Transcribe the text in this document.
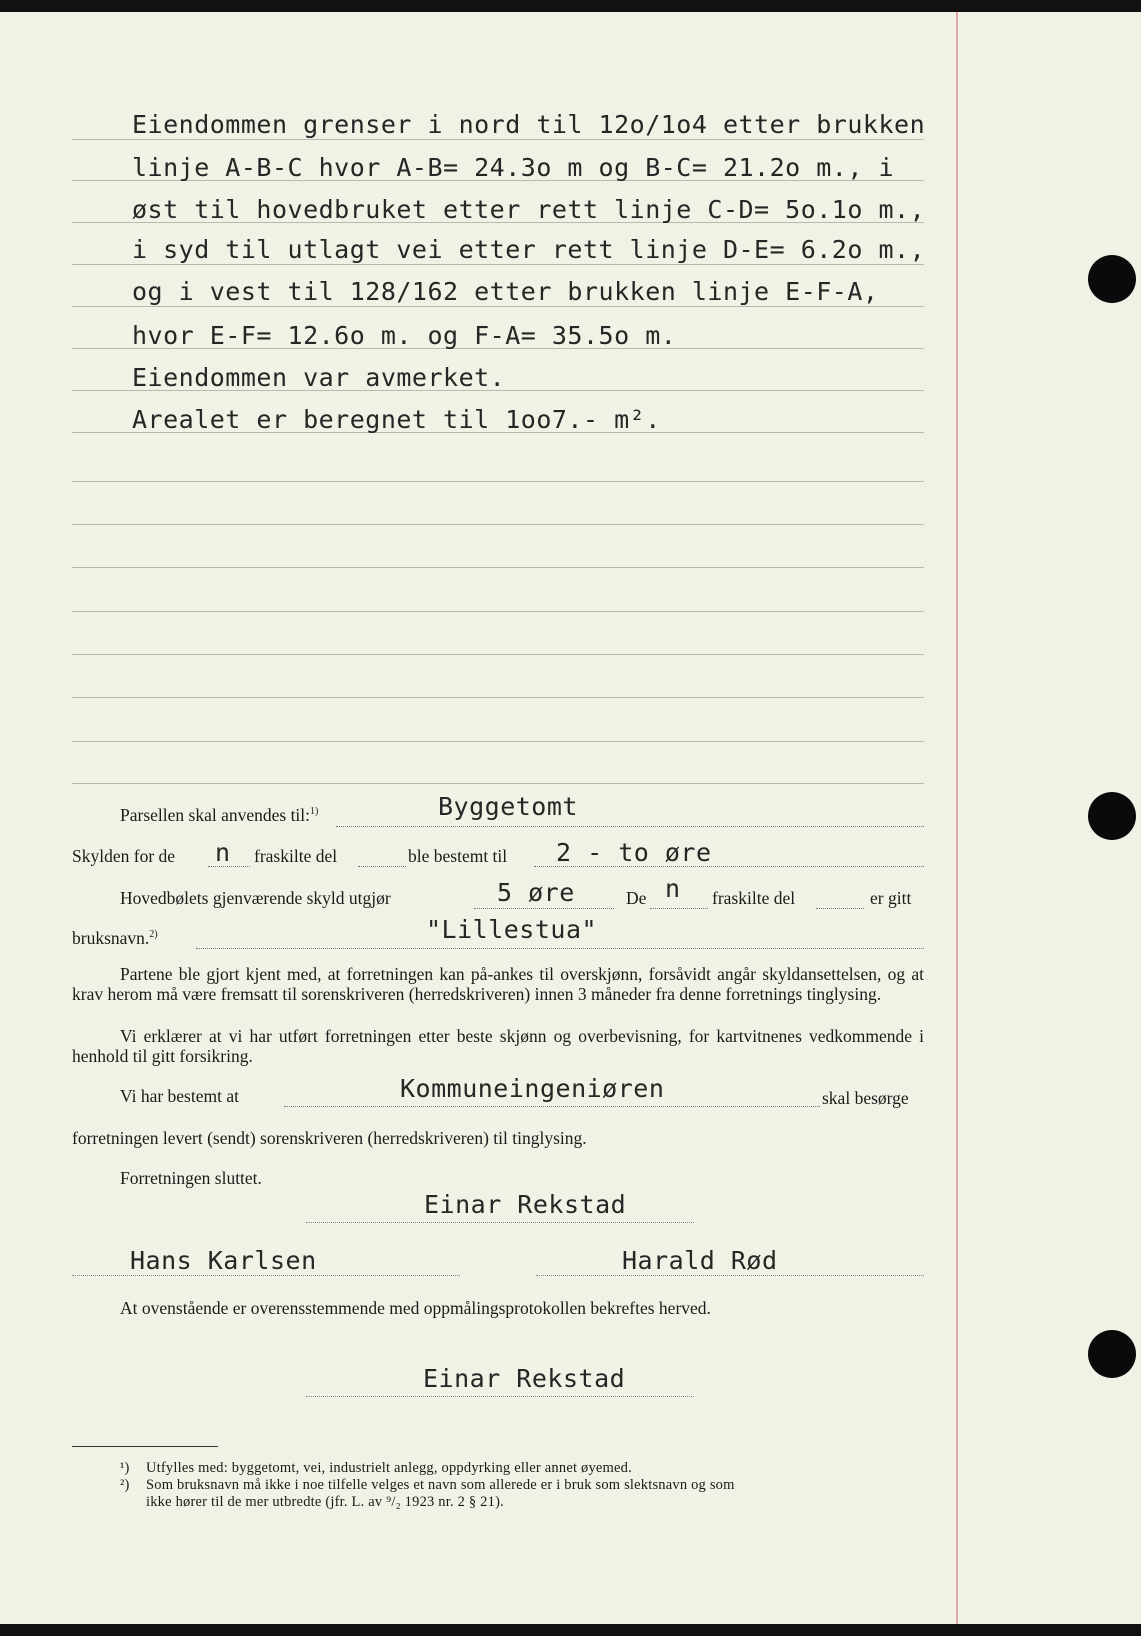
Eiendommen grenser i nord til 12o/1o4 etter brukken
linje A-B-C hvor A-B= 24.3o m og B-C= 21.2o m., i
øst til hovedbruket etter rett linje C-D= 5o.1o m.,
i syd til utlagt vei etter rett linje D-E= 6.2o m.,
og i vest til 128/162 etter brukken linje E-F-A,
hvor E-F= 12.6o m. og F-A= 35.5o m.
Eiendommen var avmerket.
Arealet er beregnet til 1oo7.- m².
Parsellen skal anvendes til:$^{1)}$	Byggetomt
Skylden for de n fraskilte del	ble bestemt til 2 - to øre
Hovedbølets gjenværende skyld utgjør	5 øre	De n fraskilte del	er gitt
bruksnavn.$^{2)}$	"Lillestua"
Partene ble gjort kjent med, at forretningen kan på-ankes til overskjønn, forsåvidt angår skyldansettelsen, og at krav herom må være fremsatt til sorenskriveren (herredskriveren) innen 3 måneder fra denne forretnings tinglysing.
Vi erklærer at vi har utført forretningen etter beste skjønn og overbevisning, for kartvitnenes vedkommende i henhold til gitt forsikring.
Vi har bestemt at	Kommuneingeniøren	skal besørge
forretningen levert (sendt) sorenskriveren (herredskriveren) til tinglysing.
Forretningen sluttet.
Einar Rekstad
Hans Karlsen	Harald Rød
At ovenstående er overensstemmende med oppmålingsprotokollen bekreftes herved.
Einar Rekstad
¹) Utfylles med: byggetomt, vei, industrielt anlegg, oppdyrking eller annet øyemed.
²) Som bruksnavn må ikke i noe tilfelle velges et navn som allerede er i bruk som slektsnavn og som
ikke hører til de mer utbredte (jfr. L. av ⁹/₂ 1923 nr. 2 § 21).
